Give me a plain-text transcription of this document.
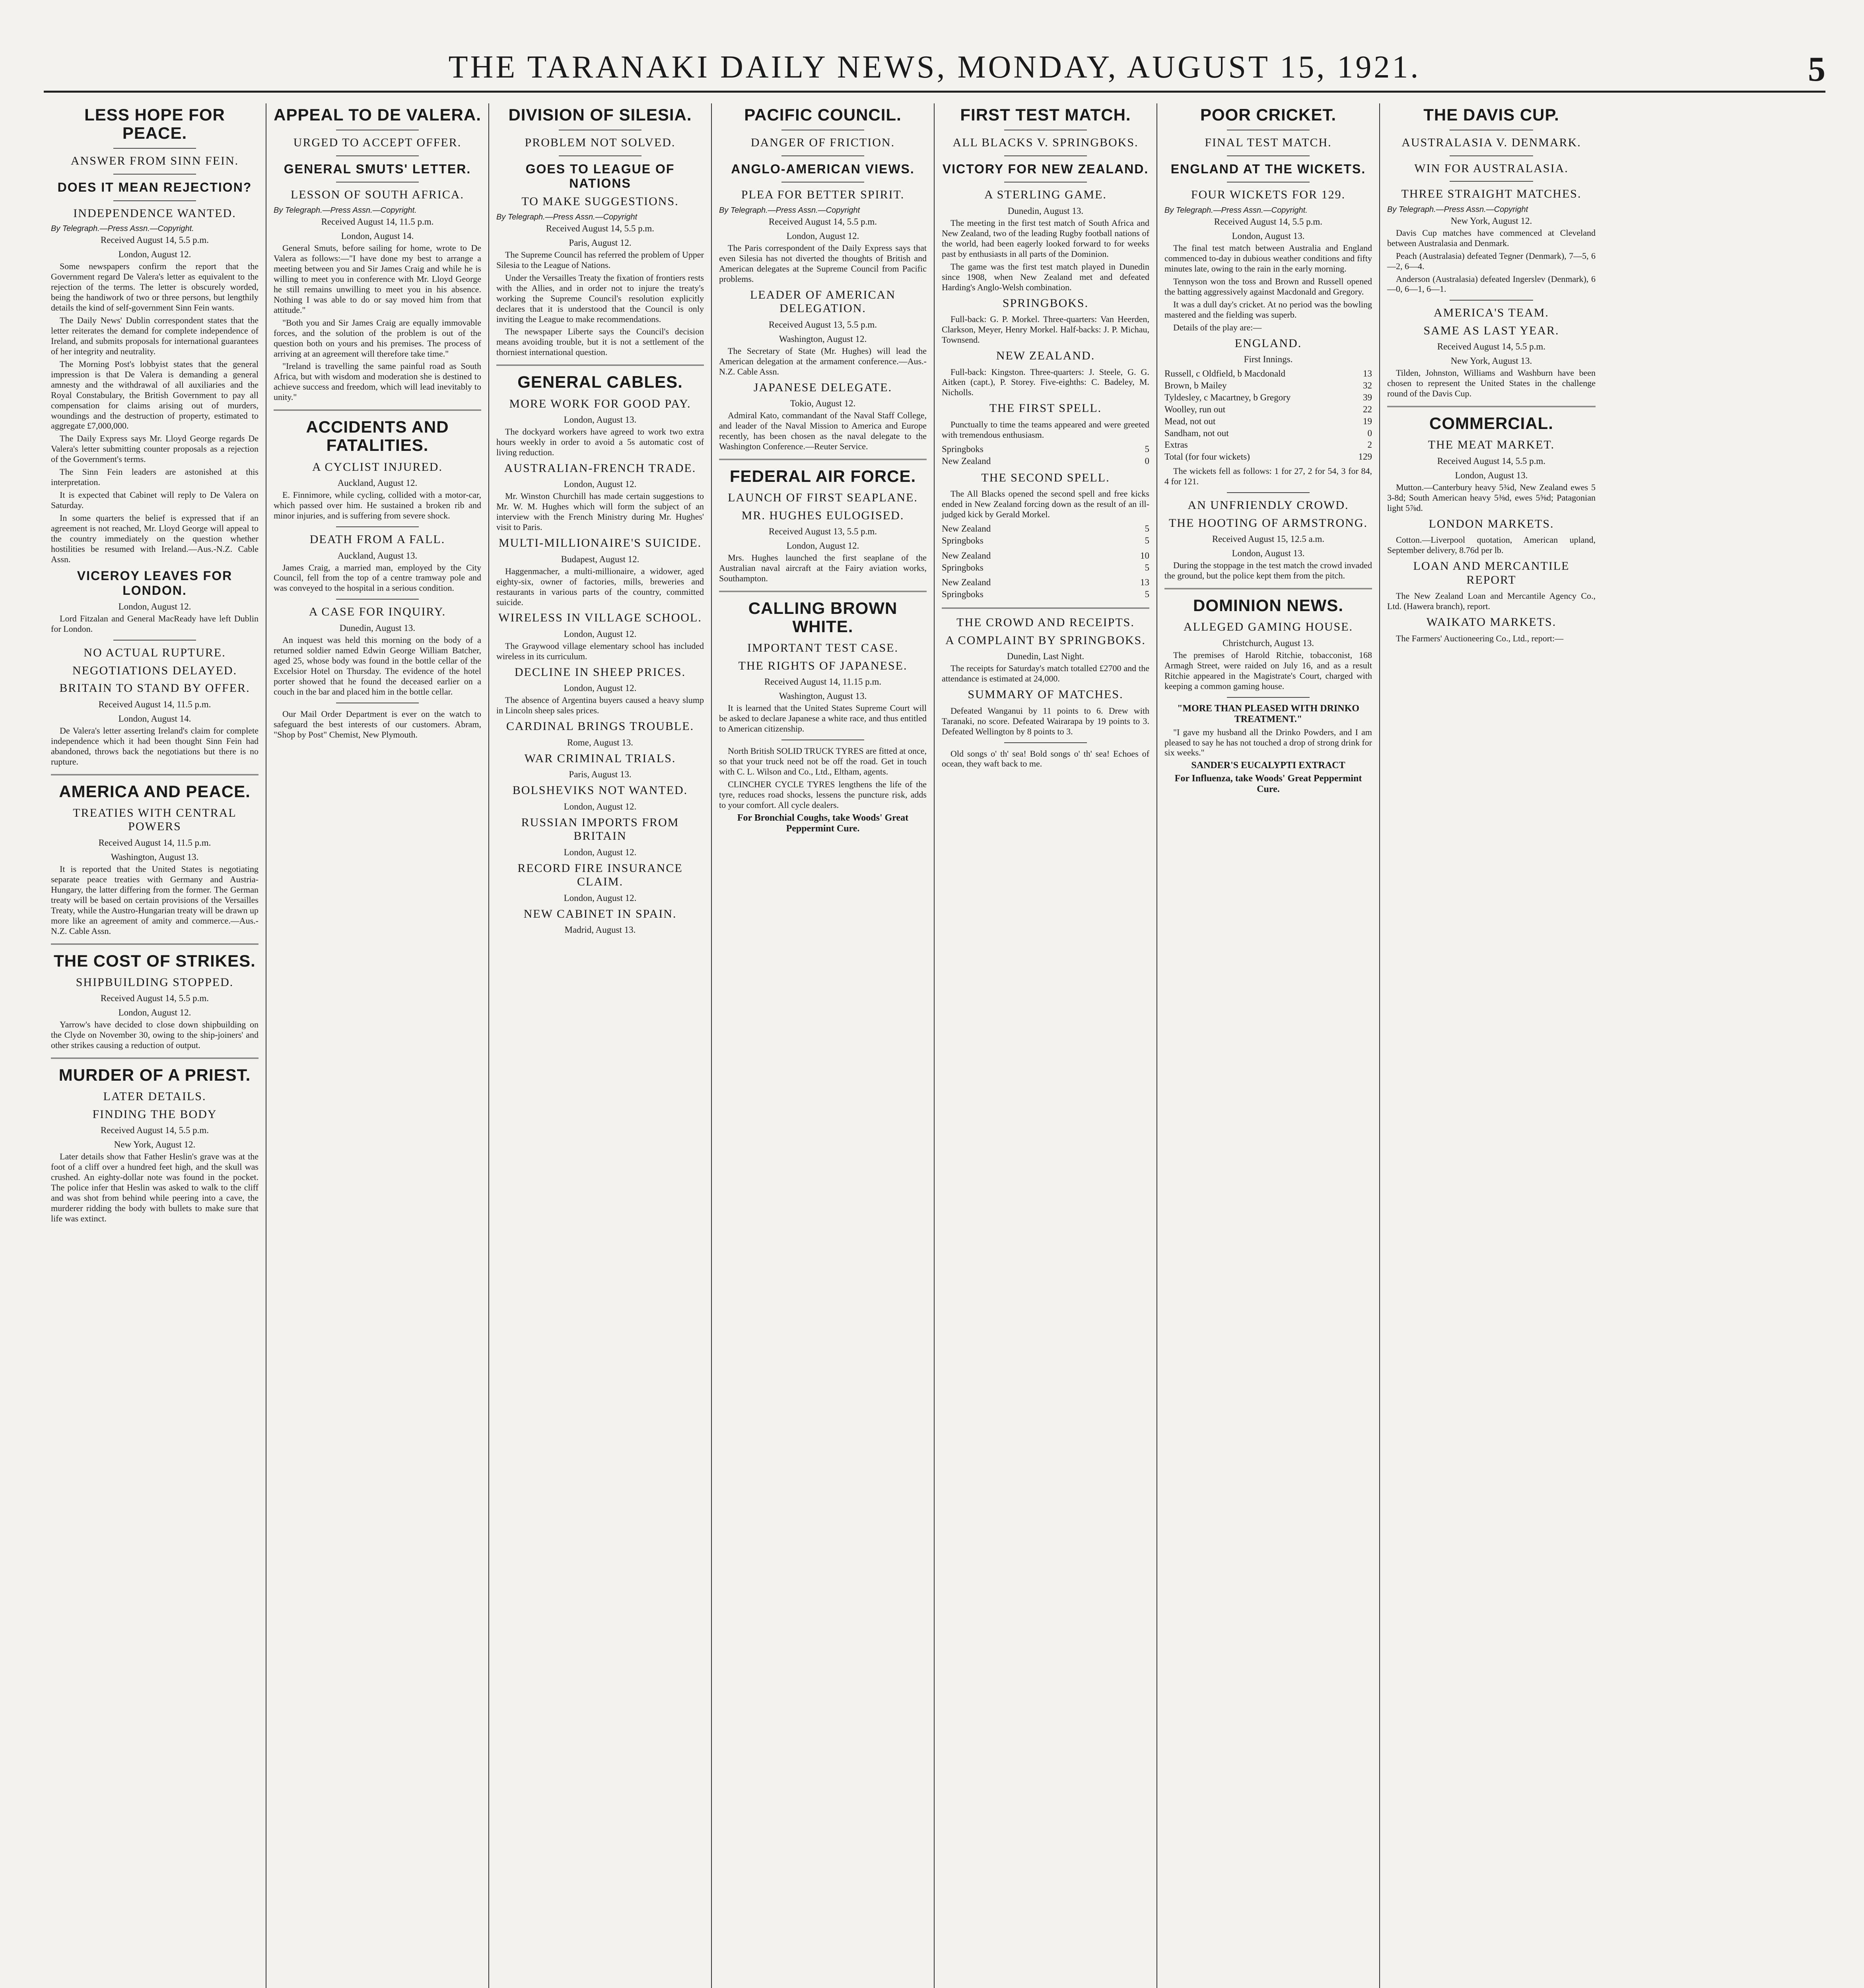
THE TARANAKI DAILY NEWS, MONDAY, AUGUST 15, 1921.	5
LESS HOPE FOR PEACE.
ANSWER FROM SINN FEIN.
DOES IT MEAN REJECTION?
INDEPENDENCE WANTED.
By Telegraph.—Press Assn.—Copyright.
Received August 14, 5.5 p.m.
London, August 12.

Some newspapers confirm the report that the Government regard De Valera's letter as equivalent to the rejection of the terms. The letter is obscurely worded, being the handiwork of two or three persons, but lengthily details the kind of self-government Sinn Fein wants.

The Daily News' Dublin correspondent states that the letter reiterates the demand for complete independence of Ireland, and submits proposals for international guarantees of her integrity and neutrality.

The Morning Post's lobbyist states that the general impression is that De Valera is demanding a general amnesty and the withdrawal of all auxiliaries and the Royal Constabulary, the British Government to pay all compensation for claims arising out of murders, woundings and the destruction of property, estimated to aggregate £7,000,000.

The Daily Express says Mr. Lloyd George regards De Valera's letter submitting counter proposals as a rejection of the Government's terms.

The Sinn Fein leaders are astonished at this interpretation.

It is expected that Cabinet will reply to De Valera on Saturday.

In some quarters the belief is expressed that if an agreement is not reached, Mr. Lloyd George will appeal to the country immediately on the question whether hostilities be resumed with Ireland.—Aus.-N.Z. Cable Assn.

VICEROY LEAVES FOR LONDON.
London, August 12.

Lord Fitzalan and General MacReady have left Dublin for London.

NO ACTUAL RUPTURE.
NEGOTIATIONS DELAYED.
BRITAIN TO STAND BY OFFER.
Received August 14, 11.5 p.m.
London, August 14.

De Valera's letter asserting Ireland's claim for complete independence which it had been thought Sinn Fein had abandoned, throws back the negotiations but there is no rupture.

AMERICA AND PEACE.
TREATIES WITH CENTRAL POWERS
Received August 14, 11.5 p.m.
Washington, August 13.

It is reported that the United States is negotiating separate peace treaties with Germany and Austria-Hungary, the latter differing from the former. The German treaty will be based on certain provisions of the Versailles Treaty, while the Austro-Hungarian treaty will be drawn up more like an agreement of amity and commerce.—Aus.-N.Z. Cable Assn.

THE COST OF STRIKES.
SHIPBUILDING STOPPED.
Received August 14, 5.5 p.m.
London, August 12.

Yarrow's have decided to close down shipbuilding on the Clyde on November 30, owing to the ship-joiners' and other strikes causing a reduction of output.

MURDER OF A PRIEST.
LATER DETAILS.
FINDING THE BODY
Received August 14, 5.5 p.m.
New York, August 12.

Later details show that Father Heslin's grave was at the foot of a cliff over a hundred feet high, and the skull was crushed. An eighty-dollar note was found in the pocket. The police infer that Heslin was asked to walk to the cliff and was shot from behind while peering into a cave, the murderer ridding the body with bullets to make sure that life was extinct.

APPEAL TO DE VALERA.
URGED TO ACCEPT OFFER.
GENERAL SMUTS' LETTER.
LESSON OF SOUTH AFRICA.
By Telegraph.—Press Assn.—Copyright.
Received August 14, 11.5 p.m.
London, August 14.

General Smuts, before sailing for home, wrote to De Valera as follows:—"I have done my best to arrange a meeting between you and Sir James Craig and while he is willing to meet you in conference with Mr. Lloyd George he still remains unwilling to meet you in his absence. Nothing I was able to do or say moved him from that attitude."

"Both you and Sir James Craig are equally immovable forces, and the solution of the problem is out of the question both on yours and his premises. The process of arriving at an agreement will therefore take time."

"Ireland is travelling the same painful road as South Africa, but with wisdom and moderation she is destined to achieve success and freedom, which will lead inevitably to unity."

ACCIDENTS AND FATALITIES.
A CYCLIST INJURED.
Auckland, August 12.

E. Finnimore, while cycling, collided with a motor-car, which passed over him. He sustained a broken rib and minor injuries, and is suffering from severe shock.

DEATH FROM A FALL.
Auckland, August 13.

James Craig, a married man, employed by the City Council, fell from the top of a centre tramway pole and was conveyed to the hospital in a serious condition.

A CASE FOR INQUIRY.
Dunedin, August 13.

An inquest was held this morning on the body of a returned soldier named Edwin George William Batcher, aged 25, whose body was found in the bottle cellar of the Excelsior Hotel on Thursday. The evidence of the hotel porter showed that he found the deceased earlier on a couch in the bar and placed him in the bottle cellar.

Our Mail Order Department is ever on the watch to safeguard the best interests of our customers. Abram, "Shop by Post" Chemist, New Plymouth.

DIVISION OF SILESIA.
PROBLEM NOT SOLVED.
GOES TO LEAGUE OF NATIONS
TO MAKE SUGGESTIONS.
By Telegraph.—Press Assn.—Copyright
Received August 14, 5.5 p.m.
Paris, August 12.

The Supreme Council has referred the problem of Upper Silesia to the League of Nations.

Under the Versailles Treaty the fixation of frontiers rests with the Allies, and in order not to injure the treaty's working the Supreme Council's resolution explicitly declares that it is understood that the Council is only inviting the League to make recommendations.

The newspaper Liberte says the Council's decision means avoiding trouble, but it is not a settlement of the thorniest international question.

GENERAL CABLES.
MORE WORK FOR GOOD PAY.
London, August 13.

The dockyard workers have agreed to work two extra hours weekly in order to avoid a 5s automatic cost of living reduction.

AUSTRALIAN-FRENCH TRADE.
London, August 12.

Mr. Winston Churchill has made certain suggestions to Mr. W. M. Hughes which will form the subject of an interview with the French Ministry during Mr. Hughes' visit to Paris.

MULTI-MILLIONAIRE'S SUICIDE.
Budapest, August 12.

Haggenmacher, a multi-millionaire, a widower, aged eighty-six, owner of factories, mills, breweries and restaurants in various parts of the country, committed suicide.

WIRELESS IN VILLAGE SCHOOL.
London, August 12.

The Graywood village elementary school has included wireless in its curriculum.

DECLINE IN SHEEP PRICES.
London, August 12.

The absence of Argentina buyers caused a heavy slump in Lincoln sheep sales prices.

CARDINAL BRINGS TROUBLE.
Rome, August 13.
WAR CRIMINAL TRIALS.
Paris, August 13.
BOLSHEVIKS NOT WANTED.
London, August 12.
RUSSIAN IMPORTS FROM BRITAIN
London, August 12.
RECORD FIRE INSURANCE CLAIM.
London, August 12.
NEW CABINET IN SPAIN.
Madrid, August 13.
PACIFIC COUNCIL.
DANGER OF FRICTION.
ANGLO-AMERICAN VIEWS.
PLEA FOR BETTER SPIRIT.
By Telegraph.—Press Assn.—Copyright
Received August 14, 5.5 p.m.
London, August 12.

The Paris correspondent of the Daily Express says that even Silesia has not diverted the thoughts of British and American delegates at the Supreme Council from Pacific problems.

LEADER OF AMERICAN DELEGATION.
Received August 13, 5.5 p.m.
Washington, August 12.

The Secretary of State (Mr. Hughes) will lead the American delegation at the armament conference.—Aus.-N.Z. Cable Assn.

JAPANESE DELEGATE.
Tokio, August 12.

Admiral Kato, commandant of the Naval Staff College, and leader of the Naval Mission to America and Europe recently, has been chosen as the naval delegate to the Washington Conference.—Reuter Service.

FEDERAL AIR FORCE.
LAUNCH OF FIRST SEAPLANE.
MR. HUGHES EULOGISED.
Received August 13, 5.5 p.m.
London, August 12.

Mrs. Hughes launched the first seaplane of the Australian naval aircraft at the Fairy aviation works, Southampton.

CALLING BROWN WHITE.
IMPORTANT TEST CASE.
THE RIGHTS OF JAPANESE.
Received August 14, 11.15 p.m.
Washington, August 13.

It is learned that the United States Supreme Court will be asked to declare Japanese a white race, and thus entitled to American citizenship.

North British SOLID TRUCK TYRES are fitted at once, so that your truck need not be off the road. Get in touch with C. L. Wilson and Co., Ltd., Eltham, agents.

CLINCHER CYCLE TYRES lengthens the life of the tyre, reduces road shocks, lessens the puncture risk, adds to your comfort. All cycle dealers.

For Bronchial Coughs, take Woods' Great Peppermint Cure.
FIRST TEST MATCH.
ALL BLACKS V. SPRINGBOKS.
VICTORY FOR NEW ZEALAND.
A STERLING GAME.
Dunedin, August 13.

The meeting in the first test match of South Africa and New Zealand, two of the leading Rugby football nations of the world, had been eagerly looked forward to for weeks past by enthusiasts in all parts of the Dominion.

The game was the first test match played in Dunedin since 1908, when New Zealand met and defeated Harding's Anglo-Welsh combination.

SPRINGBOKS.

Full-back: G. P. Morkel. Three-quarters: Van Heerden, Clarkson, Meyer, Henry Morkel. Half-backs: J. P. Michau, Townsend.

NEW ZEALAND.

Full-back: Kingston. Three-quarters: J. Steele, G. G. Aitken (capt.), P. Storey. Five-eighths: C. Badeley, M. Nicholls.

THE FIRST SPELL.

Punctually to time the teams appeared and were greeted with tremendous enthusiasm.

Springboks	5
New Zealand	0
THE SECOND SPELL.

The All Blacks opened the second spell and free kicks ended in New Zealand forcing down as the result of an ill-judged kick by Gerald Morkel.

New Zealand	5
Springboks	5
New Zealand	10
Springboks	5
New Zealand	13
Springboks	5
THE CROWD AND RECEIPTS.
A COMPLAINT BY SPRINGBOKS.
Dunedin, Last Night.

The receipts for Saturday's match totalled £2700 and the attendance is estimated at 24,000.

SUMMARY OF MATCHES.

Defeated Wanganui by 11 points to 6. Drew with Taranaki, no score. Defeated Wairarapa by 19 points to 3. Defeated Wellington by 8 points to 3.

Old songs o' th' sea! Bold songs o' th' sea! Echoes of ocean, they waft back to me.

POOR CRICKET.
FINAL TEST MATCH.
ENGLAND AT THE WICKETS.
FOUR WICKETS FOR 129.
By Telegraph.—Press Assn.—Copyright.
Received August 14, 5.5 p.m.
London, August 13.

The final test match between Australia and England commenced to-day in dubious weather conditions and fifty minutes late, owing to the rain in the early morning.

Tennyson won the toss and Brown and Russell opened the batting aggressively against Macdonald and Gregory.

It was a dull day's cricket. At no period was the bowling mastered and the fielding was superb.

Details of the play are:—

ENGLAND.
First Innings.
Russell, c Oldfield, b Macdonald	13
Brown, b Mailey	32
Tyldesley, c Macartney, b Gregory	39
Woolley, run out	22
Mead, not out	19
Sandham, not out	0
Extras	2
Total (for four wickets)	129

The wickets fell as follows: 1 for 27, 2 for 54, 3 for 84, 4 for 121.

AN UNFRIENDLY CROWD.
THE HOOTING OF ARMSTRONG.
Received August 15, 12.5 a.m.
London, August 13.

During the stoppage in the test match the crowd invaded the ground, but the police kept them from the pitch.

DOMINION NEWS.
ALLEGED GAMING HOUSE.
Christchurch, August 13.

The premises of Harold Ritchie, tobacconist, 168 Armagh Street, were raided on July 16, and as a result Ritchie appeared in the Magistrate's Court, charged with keeping a common gaming house.

"MORE THAN PLEASED WITH DRINKO TREATMENT."

"I gave my husband all the Drinko Powders, and I am pleased to say he has not touched a drop of strong drink for six weeks."

SANDER'S EUCALYPTI EXTRACT
For Influenza, take Woods' Great Peppermint Cure.
THE DAVIS CUP.
AUSTRALASIA V. DENMARK.
WIN FOR AUSTRALASIA.
THREE STRAIGHT MATCHES.
By Telegraph.—Press Assn.—Copyright
New York, August 12.

Davis Cup matches have commenced at Cleveland between Australasia and Denmark.

Peach (Australasia) defeated Tegner (Denmark), 7—5, 6—2, 6—4.

Anderson (Australasia) defeated Ingerslev (Denmark), 6—0, 6—1, 6—1.

AMERICA'S TEAM.
SAME AS LAST YEAR.
Received August 14, 5.5 p.m.
New York, August 13.

Tilden, Johnston, Williams and Washburn have been chosen to represent the United States in the challenge round of the Davis Cup.

COMMERCIAL.
THE MEAT MARKET.
Received August 14, 5.5 p.m.
London, August 13.

Mutton.—Canterbury heavy 5¾d, New Zealand ewes 5 3-8d; South American heavy 5⅜d, ewes 5⅝d; Patagonian light 5⅞d.

LONDON MARKETS.

Cotton.—Liverpool quotation, American upland, September delivery, 8.76d per lb.

LOAN AND MERCANTILE REPORT

The New Zealand Loan and Mercantile Agency Co., Ltd. (Hawera branch), report.

WAIKATO MARKETS.

The Farmers' Auctioneering Co., Ltd., report:—
